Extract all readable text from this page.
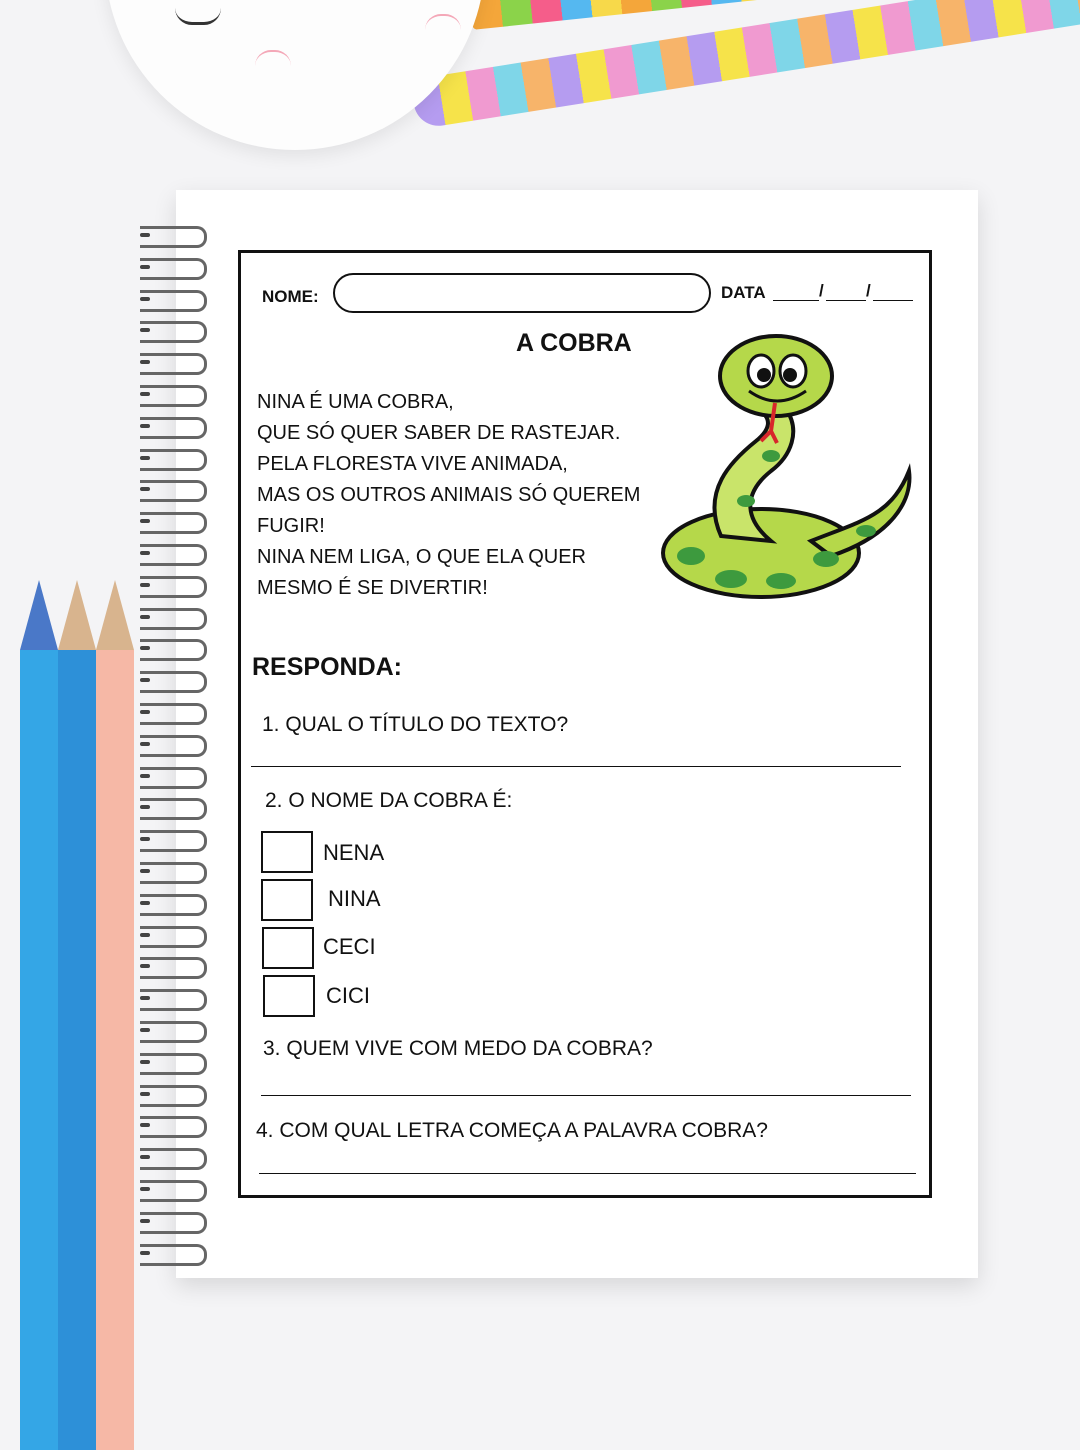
NOME:	DATA	/ /
A COBRA
NINA É UMA COBRA,
QUE SÓ QUER SABER DE RASTEJAR.
PELA FLORESTA VIVE ANIMADA,
MAS OS OUTROS ANIMAIS SÓ QUEREM
FUGIR!
NINA NEM LIGA, O QUE ELA QUER
MESMO É SE DIVERTIR!
RESPONDA:
1. QUAL O TÍTULO DO TEXTO?
2. O NOME DA COBRA É:
NENA
NINA
CECI
CICI
3. QUEM VIVE COM MEDO DA COBRA?
4. COM QUAL LETRA COMEÇA A PALAVRA COBRA?
